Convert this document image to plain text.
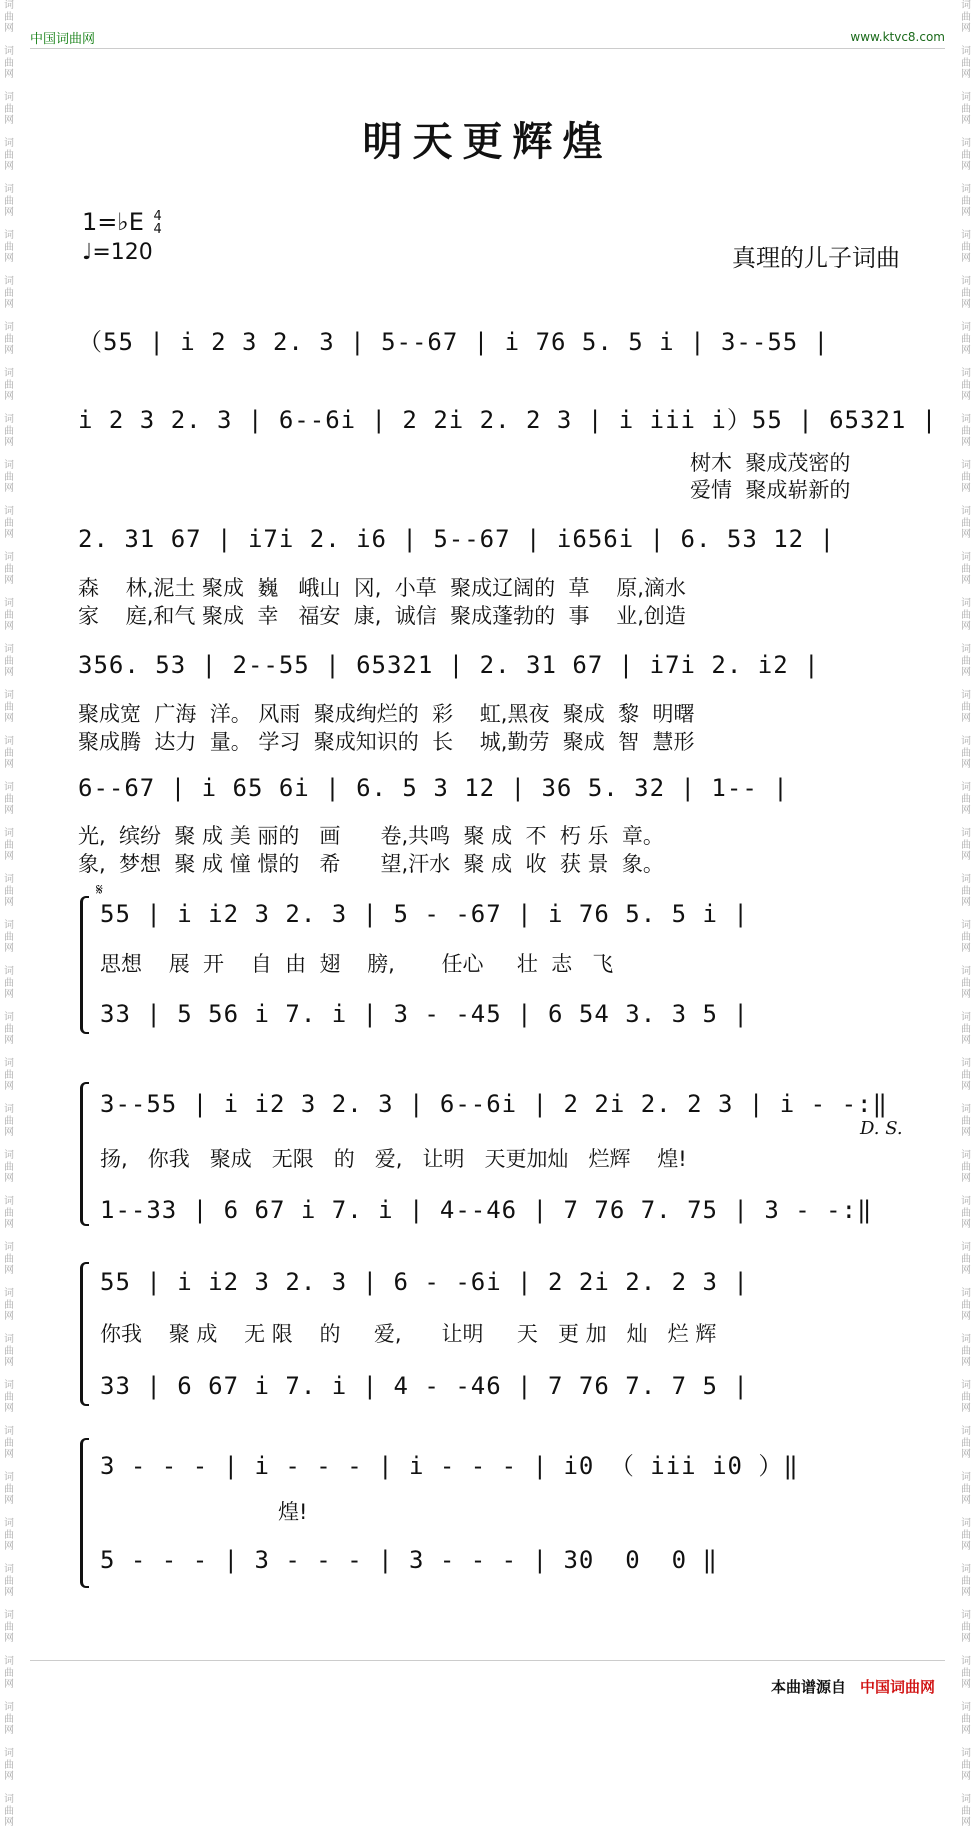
词
曲
网

词
曲
网

词
曲
网

词
曲
网

词
曲
网

词
曲
网

词
曲
网

词
曲
网

词
曲
网

词
曲
网

词
曲
网

词
曲
网

词
曲
网

词
曲
网

词
曲
网

词
曲
网

词
曲
网

词
曲
网

词
曲
网

词
曲
网

词
曲
网

词
曲
网

词
曲
网

词
曲
网

词
曲
网

词
曲
网

词
曲
网

词
曲
网

词
曲
网

词
曲
网

词
曲
网

词
曲
网

词
曲
网

词
曲
网

词
曲
网

词
曲
网

词
曲
网

词
曲
网

词
曲
网

词
曲
网
词
曲
网

词
曲
网

词
曲
网

词
曲
网

词
曲
网

词
曲
网

词
曲
网

词
曲
网

词
曲
网

词
曲
网

词
曲
网

词
曲
网

词
曲
网

词
曲
网

词
曲
网

词
曲
网

词
曲
网

词
曲
网

词
曲
网

词
曲
网

词
曲
网

词
曲
网

词
曲
网

词
曲
网

词
曲
网

词
曲
网

词
曲
网

词
曲
网

词
曲
网

词
曲
网

词
曲
网

词
曲
网

词
曲
网

词
曲
网

词
曲
网

词
曲
网

词
曲
网

词
曲
网

词
曲
网

词
曲
网
中国词曲网	www.ktvc8.com
明天更辉煌
1=♭E 4
4
♩=120	真理的儿子词曲
（55 | i 2 3 2. 3 | 5--67 | i 76 5. 5 i | 3--55 |
i 2 3 2. 3 | 6--6i | 2 2i 2. 2 3 | i iii i）55 | 65321 |
树木  聚成茂密的
爱情  聚成崭新的
2. 31 67 | i7i 2. i6 | 5--67 | i656i | 6. 53 12 |
森    林,泥土 聚成  巍   峨山  冈,  小草  聚成辽阔的  草    原,滴水
家    庭,和气 聚成  幸   福安  康,  诚信  聚成蓬勃的  事    业,创造
356. 53 | 2--55 | 65321 | 2. 31 67 | i7i 2. i2 |
聚成宽  广海  洋。 风雨  聚成绚烂的  彩    虹,黑夜  聚成  黎  明曙
聚成腾  达力  量。 学习  聚成知识的  长    城,勤劳  聚成  智  慧形
6--67 | i 65 6i | 6. 5 3 12 | 36 5. 32 | 1-- |
光,  缤纷  聚 成 美 丽的   画      卷,共鸣  聚 成  不  朽 乐  章。
象,  梦想  聚 成 憧 憬的   希      望,汗水  聚 成  收  获 景  象。
𝄋
55 | i i2 3 2. 3 | 5 - -67 | i 76 5. 5 i |
思想    展  开    自  由  翅    膀,       任心     壮  志   飞
33 | 5 56 i 7. i | 3 - -45 | 6 54 3. 3 5 |
3--55 | i i2 3 2. 3 | 6--6i | 2 2i 2. 2 3 | i - -:‖
D. S.
扬,   你我   聚成   无限   的   爱,   让明   天更加灿   烂辉    煌!
1--33 | 6 67 i 7. i | 4--46 | 7 76 7. 75 | 3 - -:‖
55 | i i2 3 2. 3 | 6 - -6i | 2 2i 2. 2 3 |
你我    聚 成    无 限    的     爱,      让明     天   更 加   灿   烂 辉
33 | 6 67 i 7. i | 4 - -46 | 7 76 7. 7 5 |
3 - - - | i - - - | i - - - | i0 （ iii i0 ）‖
煌!
5 - - - | 3 - - - | 3 - - - | 30  0  0 ‖
本曲谱源自 中国词曲网
